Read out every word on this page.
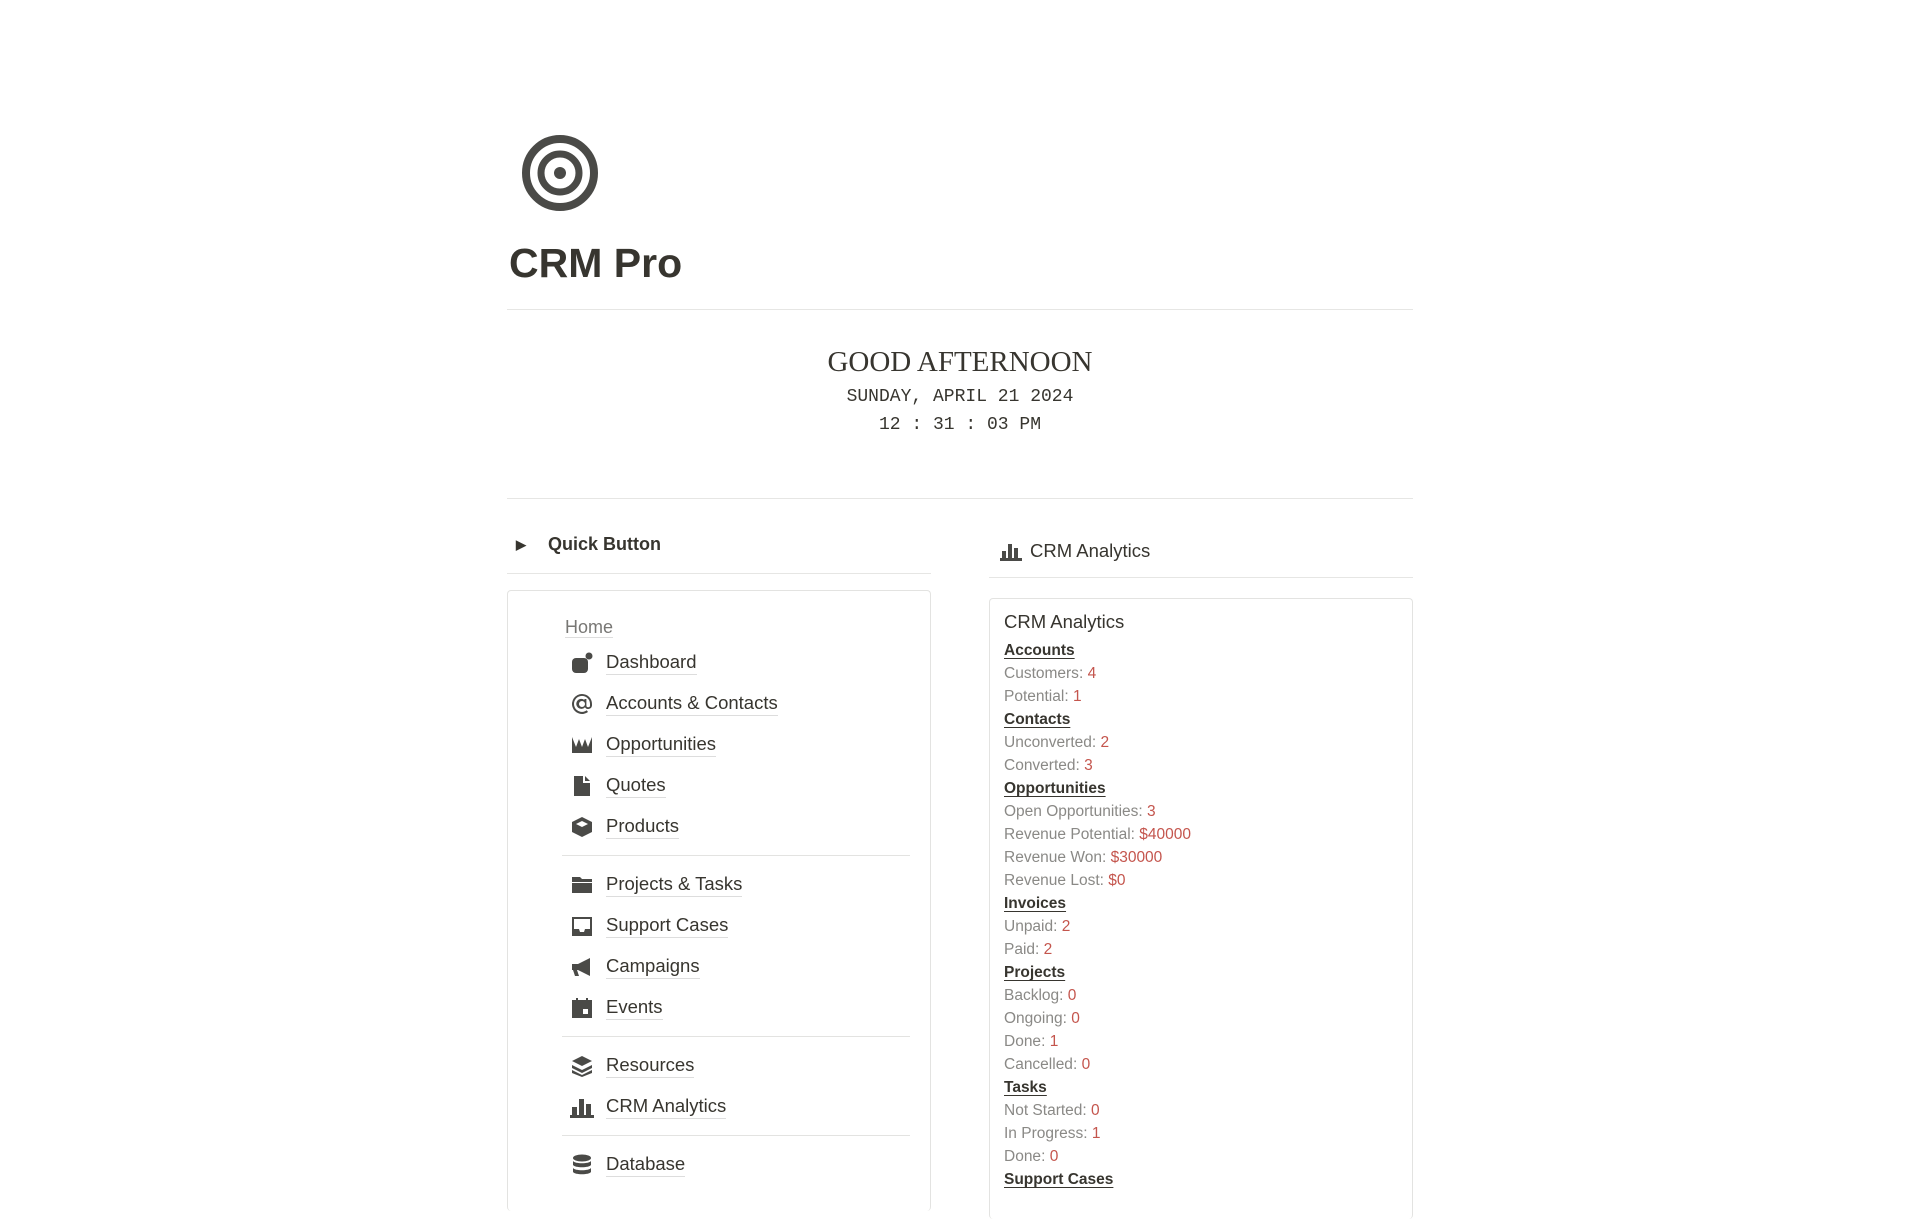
CRM Pro
GOOD AFTERNOON
SUNDAY, APRIL 21 2024
12 : 31 : 03 PM
▶ Quick Button
Home
Dashboard
Accounts & Contacts
Opportunities
Quotes
Products
Projects & Tasks
Support Cases
Campaigns
Events
Resources
CRM Analytics
Database
CRM Analytics
CRM Analytics
Accounts
Customers: 4
Potential: 1
Contacts
Unconverted: 2
Converted: 3
Opportunities
Open Opportunities: 3
Revenue Potential: $40000
Revenue Won: $30000
Revenue Lost: $0
Invoices
Unpaid: 2
Paid: 2
Projects
Backlog: 0
Ongoing: 0
Done: 1
Cancelled: 0
Tasks
Not Started: 0
In Progress: 1
Done: 0
Support Cases
